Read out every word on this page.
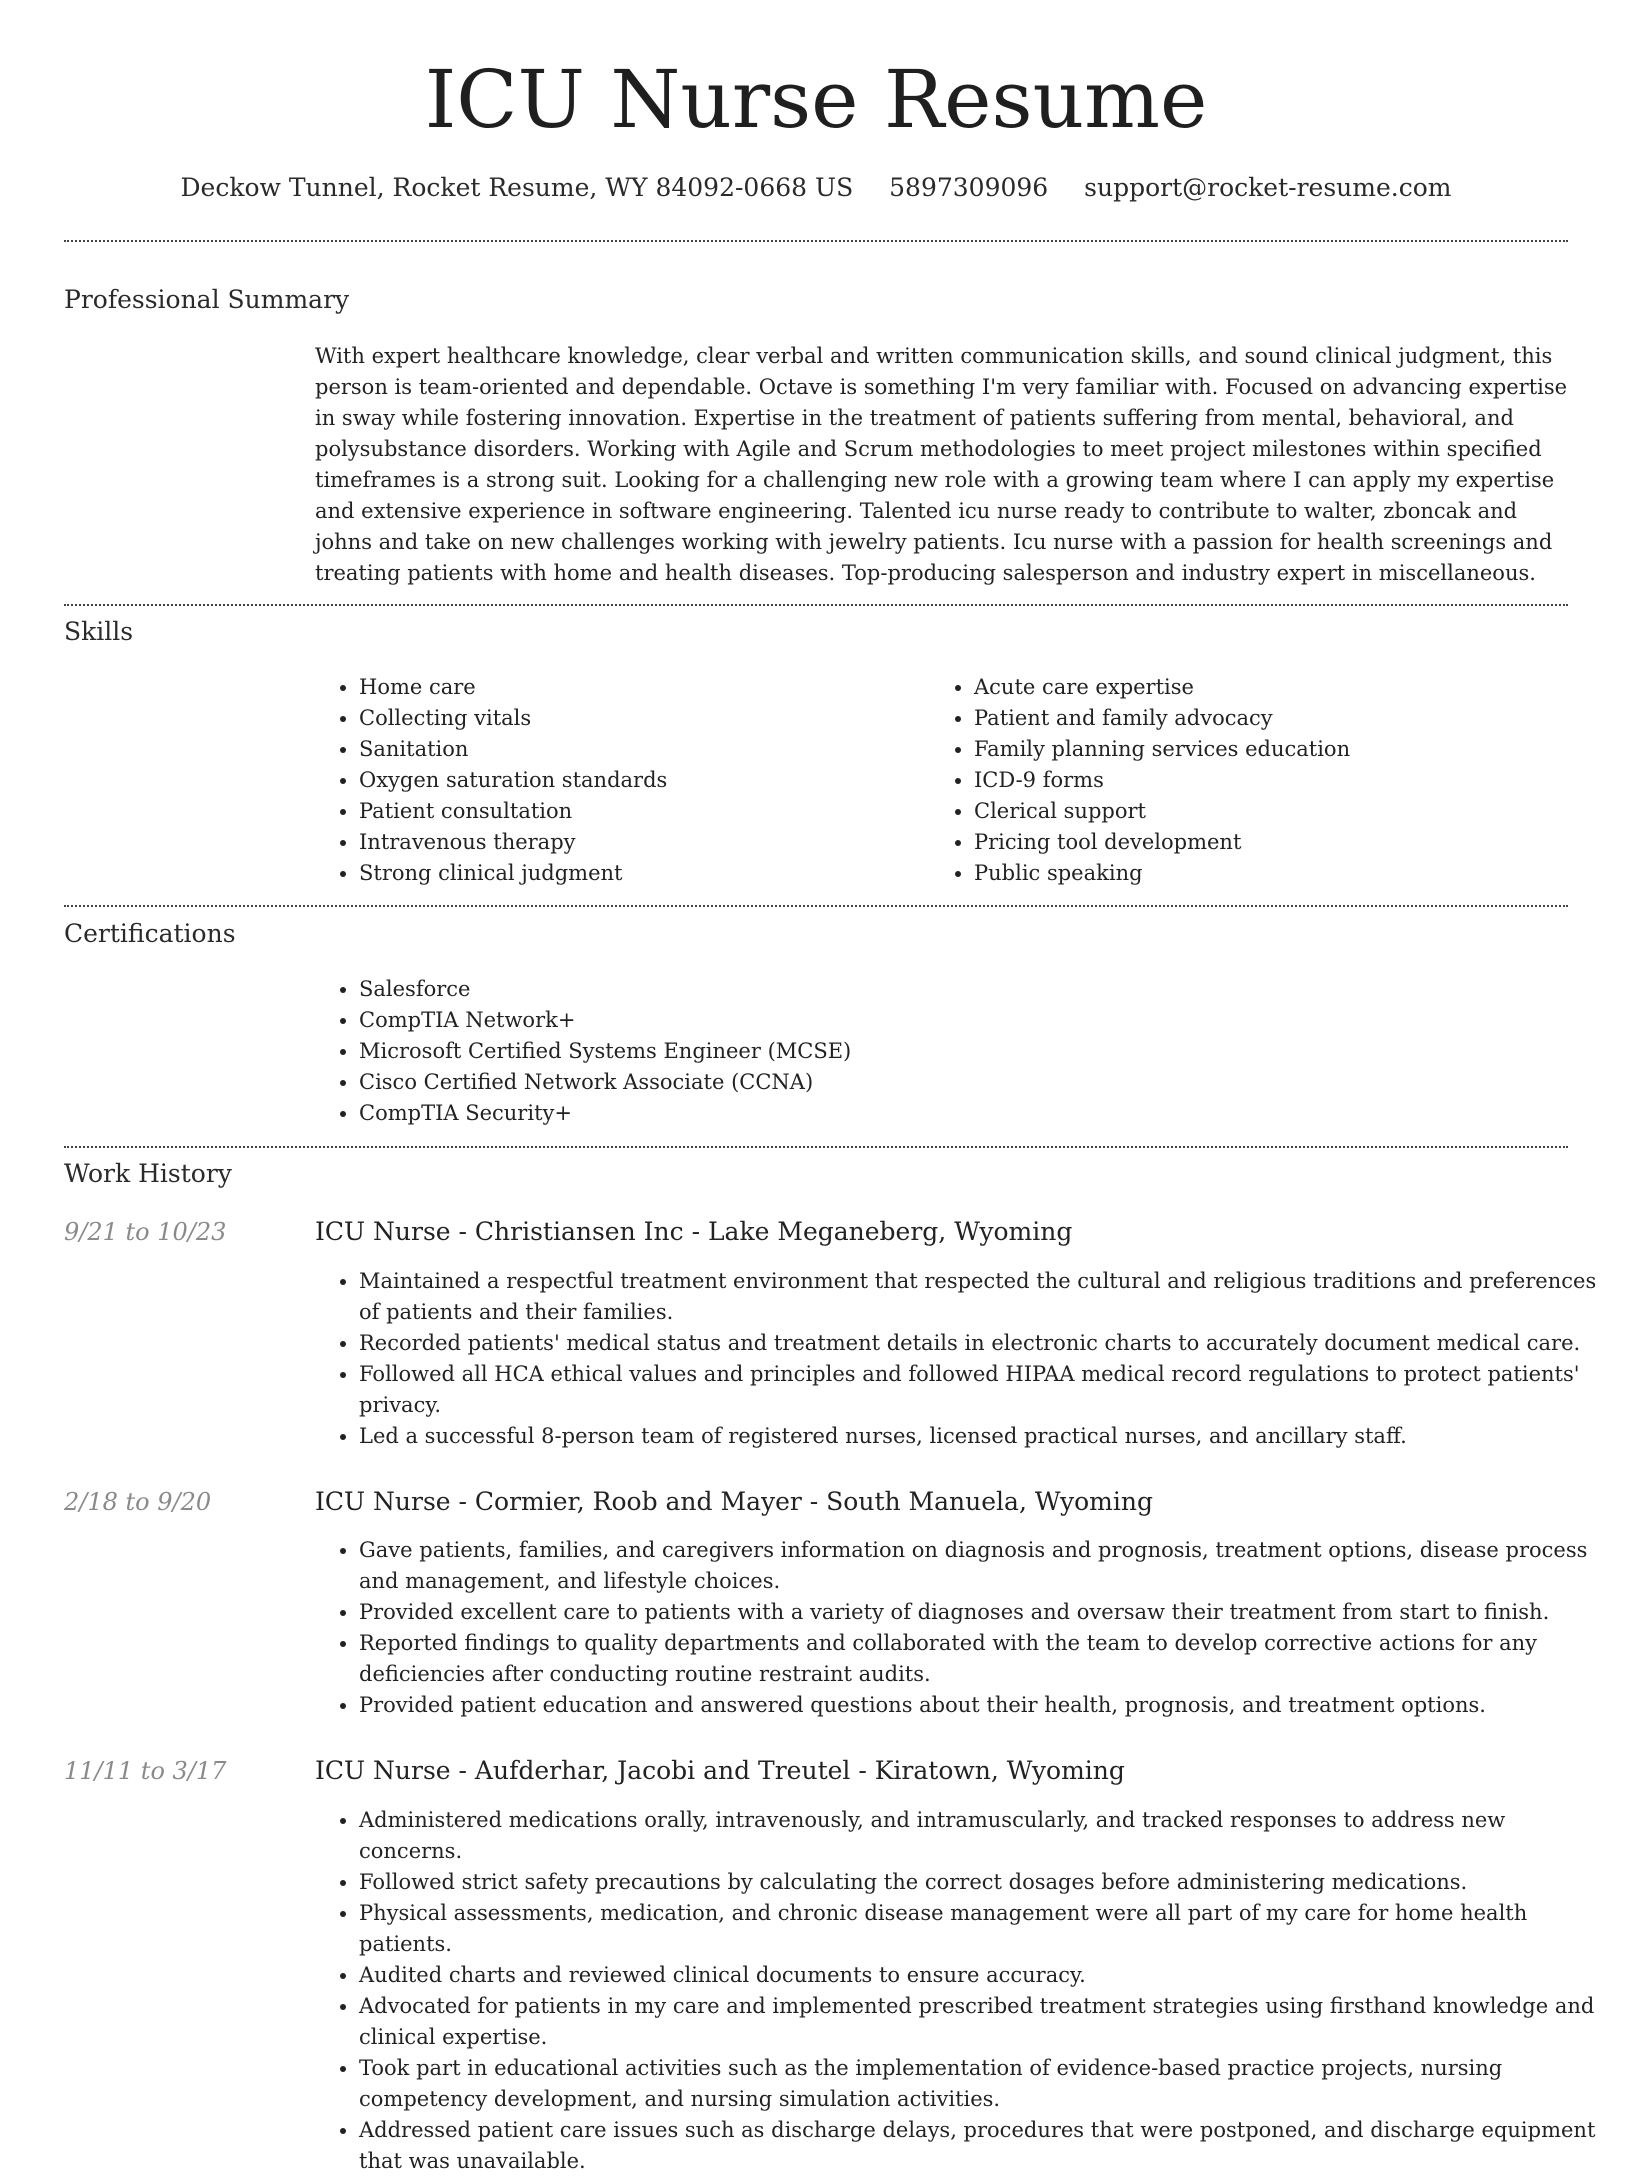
ICU Nurse Resume
Deckow Tunnel, Rocket Resume, WY 84092-0668 US 5897309096 support@rocket-resume.com
Professional Summary

With expert healthcare knowledge, clear verbal and written communication skills, and sound clinical judgment, this person is team-oriented and dependable. Octave is something I'm very familiar with. Focused on advancing expertise in sway while fostering innovation. Expertise in the treatment of patients suffering from mental, behavioral, and polysubstance disorders. Working with Agile and Scrum methodologies to meet project milestones within specified timeframes is a strong suit. Looking for a challenging new role with a growing team where I can apply my expertise and extensive experience in software engineering. Talented icu nurse ready to contribute to walter, zboncak and johns and take on new challenges working with jewelry patients. Icu nurse with a passion for health screenings and treating patients with home and health diseases. Top-producing salesperson and industry expert in miscellaneous.

Skills
• Home care
• Collecting vitals
• Sanitation
• Oxygen saturation standards
• Patient consultation
• Intravenous therapy
• Strong clinical judgment
• Acute care expertise
• Patient and family advocacy
• Family planning services education
• ICD-9 forms
• Clerical support
• Pricing tool development
• Public speaking
Certifications
• Salesforce
• CompTIA Network+
• Microsoft Certified Systems Engineer (MCSE)
• Cisco Certified Network Associate (CCNA)
• CompTIA Security+
Work History
9/21 to 10/23	ICU Nurse - Christiansen Inc - Lake Meganeberg, Wyoming
• Maintained a respectful treatment environment that respected the cultural and religious traditions and preferences of patients and their families.
• Recorded patients' medical status and treatment details in electronic charts to accurately document medical care.
• Followed all HCA ethical values and principles and followed HIPAA medical record regulations to protect patients' privacy.
• Led a successful 8-person team of registered nurses, licensed practical nurses, and ancillary staff.
2/18 to 9/20	ICU Nurse - Cormier, Roob and Mayer - South Manuela, Wyoming
• Gave patients, families, and caregivers information on diagnosis and prognosis, treatment options, disease process and management, and lifestyle choices.
• Provided excellent care to patients with a variety of diagnoses and oversaw their treatment from start to finish.
• Reported findings to quality departments and collaborated with the team to develop corrective actions for any deficiencies after conducting routine restraint audits.
• Provided patient education and answered questions about their health, prognosis, and treatment options.
11/11 to 3/17	ICU Nurse - Aufderhar, Jacobi and Treutel - Kiratown, Wyoming
• Administered medications orally, intravenously, and intramuscularly, and tracked responses to address new concerns.
• Followed strict safety precautions by calculating the correct dosages before administering medications.
• Physical assessments, medication, and chronic disease management were all part of my care for home health patients.
• Audited charts and reviewed clinical documents to ensure accuracy.
• Advocated for patients in my care and implemented prescribed treatment strategies using firsthand knowledge and clinical expertise.
• Took part in educational activities such as the implementation of evidence-based practice projects, nursing competency development, and nursing simulation activities.
• Addressed patient care issues such as discharge delays, procedures that were postponed, and discharge equipment that was unavailable.
